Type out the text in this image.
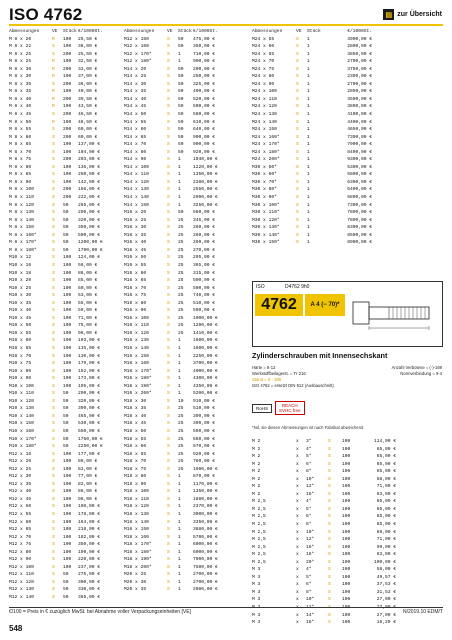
ISO 4762	▤ zur Übersicht
Abmessungen	VE	Stück €/1000St.
M 8 x 20	R	100	25,50 €
M 8 x 22	S	100	38,00 €
M 8 x 25	S	200	25,50 €
M 8 x 25	R	100	32,50 €
M 8 x 30	R	200	33,00 €
M 8 x 30	R	100	37,00 €
M 8 x 35	S	200	36,00 €
M 8 x 35	R	100	40,00 €
M 8 x 40	R	200	39,50 €
M 8 x 40	R	100	43,50 €
M 8 x 45	S	200	46,50 €
M 8 x 50	R	100	48,50 €
M 8 x 55	S	200	60,00 €
M 8 x 60	S	200	60,00 €
M 8 x 65	S	100	137,00 €
M 8 x 70	S	100	104,00 €
M 8 x 75	S	200	203,00 €
M 8 x 80	S	100	135,00 €
M 8 x 85	S	100	260,00 €
M 8 x 90	S	100	142,00 €
M 8 x 100	S	200	166,00 €
M 8 x 110	S	200	222,00 €
M 8 x 120	S	50	265,00 €
M 8 x 130	S	50	290,00 €
M 8 x 140	S	50	320,00 €
M 8 x 150	S	50	350,00 €
M 8 x 160*	S	50	500,00 €
M 8 x 170*	S	50	1200,00 €
M 8 x 180*	S	50	1700,00 €
M10 x 12	S	100	124,00 €
M10 x 16	S	100	56,00 €
M10 x 18	S	100	86,00 €
M10 x 20	S	100	55,00 €
M10 x 25	S	100	50,00 €
M10 x 30	S	100	53,00 €
M10 x 35	S	100	55,00 €
M10 x 40	S	100	59,00 €
M10 x 45	S	100	71,00 €
M10 x 50	S	100	75,00 €
M10 x 55	S	100	98,00 €
M10 x 60	S	100	103,00 €
M10 x 65	S	100	135,00 €
M10 x 70	S	100	130,00 €
M10 x 75	S	100	179,00 €
M10 x 80	S	100	152,00 €
M10 x 90	S	100	173,00 €
M10 x 100	S	100	195,00 €
M10 x 110	S	50	290,00 €
M10 x 120	S	50	320,00 €
M10 x 130	S	50	390,00 €
M10 x 140	S	50	465,00 €
M10 x 150	S	50	530,00 €
M10 x 160	S	50	550,00 €
M10 x 170*	S	50	1750,00 €
M10 x 180*	S	50	2250,00 €
M12 x 16	S	100	177,00 €
M12 x 20	S	100	88,00 €
M12 x 25	S	100	83,00 €
M12 x 30	S	100	77,00 €
M12 x 35	S	100	82,00 €
M12 x 40	S	100	88,00 €
M12 x 45	S	100	98,00 €
M12 x 50	S	100	106,00 €
M12 x 55	S	100	178,00 €
M12 x 60	S	100	164,00 €
M12 x 65	S	100	218,00 €
M12 x 70	S	100	182,00 €
M12 x 75	S	100	350,00 €
M12 x 80	S	100	190,00 €
M12 x 90	S	100	220,00 €
M12 x 100	S	100	237,00 €
M12 x 110	S	50	275,00 €
M12 x 120	S	50	300,00 €
M12 x 130	S	50	330,00 €
M12 x 140	S	50	365,00 €
Abmessungen	VE	Stück €/1000St.
M12 x 150	S	50	475,00 €
M12 x 160	S	50	350,00 €
M12 x 170*	S	1	710,00 €
M12 x 180*	S	1	900,00 €
M14 x 20	S	50	200,00 €
M14 x 25	S	50	250,00 €
M14 x 30	S	50	325,00 €
M14 x 35	S	50	490,00 €
M14 x 40	S	50	520,00 €
M14 x 45	S	50	500,00 €
M14 x 50	S	50	580,00 €
M14 x 55	S	50	610,00 €
M14 x 60	S	50	640,00 €
M14 x 65	S	50	900,00 €
M14 x 70	S	50	900,00 €
M14 x 80	S	50	920,00 €
M14 x 90	S	1	1040,00 €
M14 x 100	S	1	1220,00 €
M14 x 110	S	1	1350,00 €
M14 x 120	S	1	2380,00 €
M14 x 130	S	1	2550,00 €
M14 x 140	S	1	2900,00 €
M14 x 150	S	1	3250,00 €
M16 x 20	S	50	560,00 €
M16 x 25	S	25	345,00 €
M16 x 30	S	25	260,00 €
M16 x 35	S	25	260,00 €
M16 x 40	S	25	260,00 €
M16 x 45	S	25	270,00 €
M16 x 50	S	25	295,00 €
M16 x 55	S	25	365,00 €
M16 x 60	S	25	315,00 €
M16 x 65	S	25	500,00 €
M16 x 70	S	25	500,00 €
M16 x 75	S	25	740,00 €
M16 x 80	S	25	510,00 €
M16 x 90	S	25	590,00 €
M16 x 100	S	25	1000,00 €
M16 x 110	S	25	1200,00 €
M16 x 120	S	25	1410,00 €
M16 x 130	S	1	1600,00 €
M16 x 140	S	1	1800,00 €
M16 x 150	S	1	2250,00 €
M16 x 160	S	1	3700,00 €
M16 x 170*	S	1	4000,00 €
M16 x 180*	S	1	4300,00 €
M16 x 190*	S	1	4350,00 €
M16 x 200*	S	1	5200,00 €
M18 x 30	S	10	910,00 €
M18 x 35	S	25	510,00 €
M18 x 40	S	25	390,00 €
M18 x 45	S	25	390,00 €
M18 x 50	S	25	590,00 €
M18 x 55	S	25	650,00 €
M18 x 60	S	25	670,00 €
M18 x 65	S	25	920,00 €
M18 x 70	S	25	760,00 €
M18 x 75	S	25	1080,00 €
M18 x 80	S	1	870,00 €
M18 x 90	S	1	1170,00 €
M18 x 100	S	1	1350,00 €
M18 x 110	S	1	1880,00 €
M18 x 120	S	1	2370,00 €
M18 x 130	S	1	3000,00 €
M18 x 140	S	1	3350,00 €
M18 x 150	S	1	3880,00 €
M18 x 160	S	1	5700,00 €
M18 x 170*	S	1	6000,00 €
M18 x 180*	S	1	6000,00 €
M18 x 190*	S	1	7000,00 €
M18 x 200*	S	1	7500,00 €
M20 x 25	S	1	2700,00 €
M20 x 30	S	1	2700,00 €
M20 x 35	S	1	2080,00 €
Abmessungen	VE	Stück	€/1000St.
M24 x 55	S	1	3900,00 €
M24 x 60	S	1	2800,00 €
M24 x 65	S	1	3850,00 €
M24 x 70	S	1	2700,00 €
M24 x 75	S	1	3750,00 €
M24 x 80	S	1	2390,00 €
M24 x 90	S	1	2700,00 €
M24 x 100	S	1	2850,00 €
M24 x 110	S	1	3500,00 €
M24 x 120	S	1	3800,00 €
M24 x 130	S	1	4100,00 €
M24 x 140	S	1	4400,00 €
M24 x 150	S	1	4650,00 €
M24 x 160*	S	1	7300,00 €
M24 x 170*	S	1	7900,00 €
M24 x 180*	S	1	8400,00 €
M24 x 200*	S	1	9300,00 €
M30 x 50*	S	1	5300,00 €
M30 x 60*	S	1	5800,00 €
M30 x 70*	S	1	6300,00 €
M30 x 80*	S	1	6400,00 €
M30 x 90*	S	1	6800,00 €
M30 x 100*	S	1	7300,00 €
M30 x 110*	S	1	7800,00 €
M30 x 120*	S	1	7800,00 €
M30 x 130*	S	1	8300,00 €
M30 x 140*	S	1	8500,00 €
M30 x 150*	S	1	8900,00 €
ISO	D4762 9h0
4762	A 4 (− 70)*
Zylinderschrauben mit Innensechskant
Härte = 8·12	Anzahl Verbotene = (·)-169
Werkstoffbeilagerst. = Tr·216	Normverbindung = 9·4
Stand = S · 286
ISO 4762 = ersetzt DIN 912 (Ausbauschnitt)
RoHS	REACH
SVHC free
*Nd. sie diesen Abmessungen ist nach Fabrikat abweichend
M 2	x	3*	S	100	114,00 €
M 2	x	4*	S	100	65,00 €
M 2	x	5*	S	100	65,00 €
M 2	x	6*	S	100	65,00 €
M 2	x	8*	S	100	65,00 €
M 2	x	10*	S	100	68,00 €
M 2	x	12*	S	100	71,00 €
M 2	x	16*	S	100	83,00 €
M 2,5	x	4*	S	100	65,00 €
M 2,5	x	5*	S	100	65,00 €
M 2,5	x	6*	S	100	65,00 €
M 2,5	x	8*	S	100	65,00 €
M 2,5	x	10*	S	100	68,00 €
M 2,5	x	12*	S	100	71,00 €
M 2,5	x	16*	S	100	99,00 €
M 2,5	x	16*	S	100	83,00 €
M 2,5	x	20*	S	100	100,00 €
M 3	x	4*	S	100	58,00 €
M 3	x	5*	S	100	49,57 €
M 3	x	6*	S	100	37,53 €
M 3	x	8*	S	100	31,53 €
M 3	x	10*	S	100	27,00 €
M 3	x	14*	S	100	27,00 €
M 3	x	16*	S	100	18,20 €
€/100 = Preis in € zuzüglich MwSt. bei Abnahme voller Verpackungseinheiten [VE]	N/2019.10 EDM/T
548
